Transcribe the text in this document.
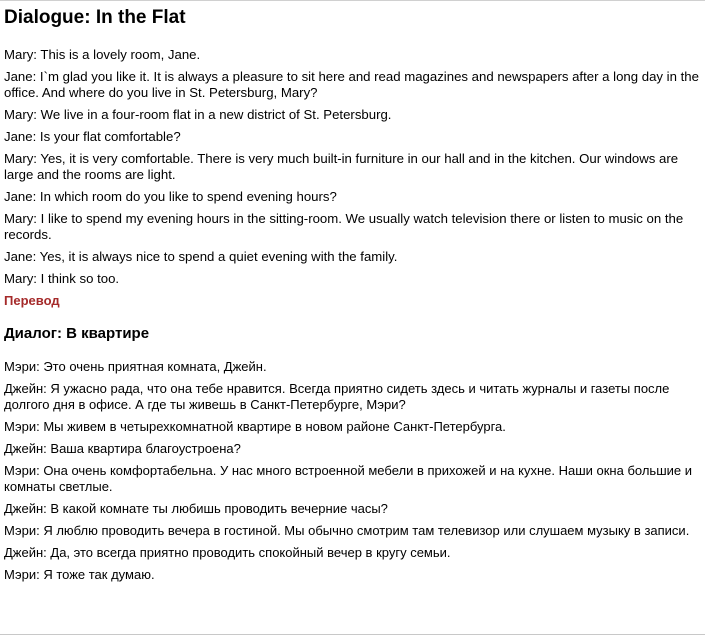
Dialogue: In the Flat

Mary: This is a lovely room, Jane.

Jane: I`m glad you like it. It is always a pleasure to sit here and read magazines and newspapers after a long day in the office. And where do you live in St. Petersburg, Mary?

Mary: We live in a four-room flat in a new district of St. Petersburg.

Jane: Is your flat comfortable?

Mary: Yes, it is very comfortable. There is very much built-in furniture in our hall and in the kitchen. Our windows are large and the rooms are light.

Jane: In which room do you like to spend evening hours?

Mary: I like to spend my evening hours in the sitting-room. We usually watch television there or listen to music on the records.

Jane: Yes, it is always nice to spend a quiet evening with the family.

Mary: I think so too.

Перевод
Диалог: В квартире

Мэри: Это очень приятная комната, Джейн.

Джейн: Я ужасно рада, что она тебе нравится. Всегда приятно сидеть здесь и читать журналы и газеты после долгого дня в офисе. А где ты живешь в Санкт-Петербурге, Мэри?

Мэри: Мы живем в четырехкомнатной квартире в новом районе Санкт-Петербурга.

Джейн: Ваша квартира благоустроена?

Мэри: Она очень комфортабельна. У нас много встроенной мебели в прихожей и на кухне. Наши окна большие и комнаты светлые.

Джейн: В какой комнате ты любишь проводить вечерние часы?

Мэри: Я люблю проводить вечера в гостиной. Мы обычно смотрим там телевизор или слушаем музыку в записи.

Джейн: Да, это всегда приятно проводить спокойный вечер в кругу семьи.

Мэри: Я тоже так думаю.
